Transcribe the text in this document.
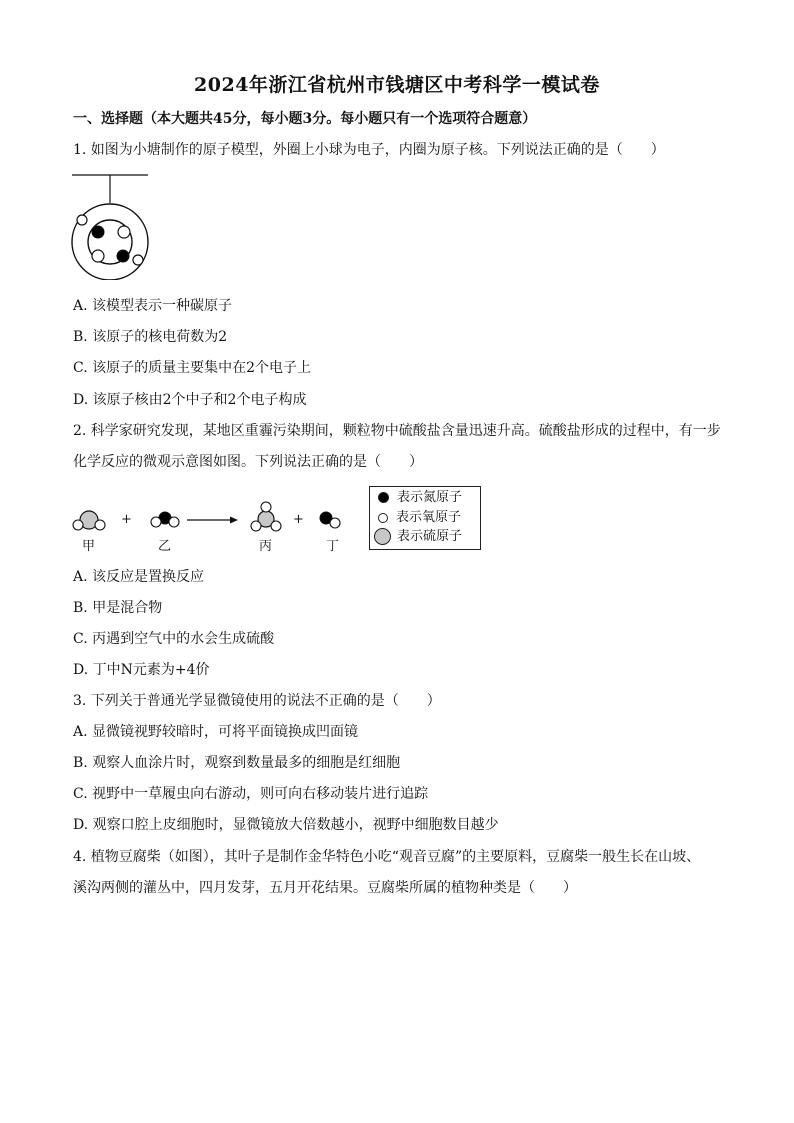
2024年浙江省杭州市钱塘区中考科学一模试卷
一、选择题（本大题共45分，每小题3分。每小题只有一个选项符合题意）
1. 如图为小塘制作的原子模型，外圈上小球为电子，内圈为原子核。下列说法正确的是（　　）
A. 该模型表示一种碳原子
B. 该原子的核电荷数为2
C. 该原子的质量主要集中在2个电子上
D. 该原子核由2个中子和2个电子构成
2. 科学家研究发现，某地区重霾污染期间，颗粒物中硫酸盐含量迅速升高。硫酸盐形成的过程中，有一步
化学反应的微观示意图如图。下列说法正确的是（　　）
+	+
甲	乙	丙	丁
表示氮原子
表示氧原子
表示硫原子
A. 该反应是置换反应
B. 甲是混合物
C. 丙遇到空气中的水会生成硫酸
D. 丁中N元素为+4价
3. 下列关于普通光学显微镜使用的说法不正确的是（　　）
A. 显微镜视野较暗时，可将平面镜换成凹面镜
B. 观察人血涂片时，观察到数量最多的细胞是红细胞
C. 视野中一草履虫向右游动，则可向右移动装片进行追踪
D. 观察口腔上皮细胞时，显微镜放大倍数越小，视野中细胞数目越少
4. 植物豆腐柴（如图），其叶子是制作金华特色小吃“观音豆腐”的主要原料，豆腐柴一般生长在山坡、
溪沟两侧的灌丛中，四月发芽，五月开花结果。豆腐柴所属的植物种类是（　　）
